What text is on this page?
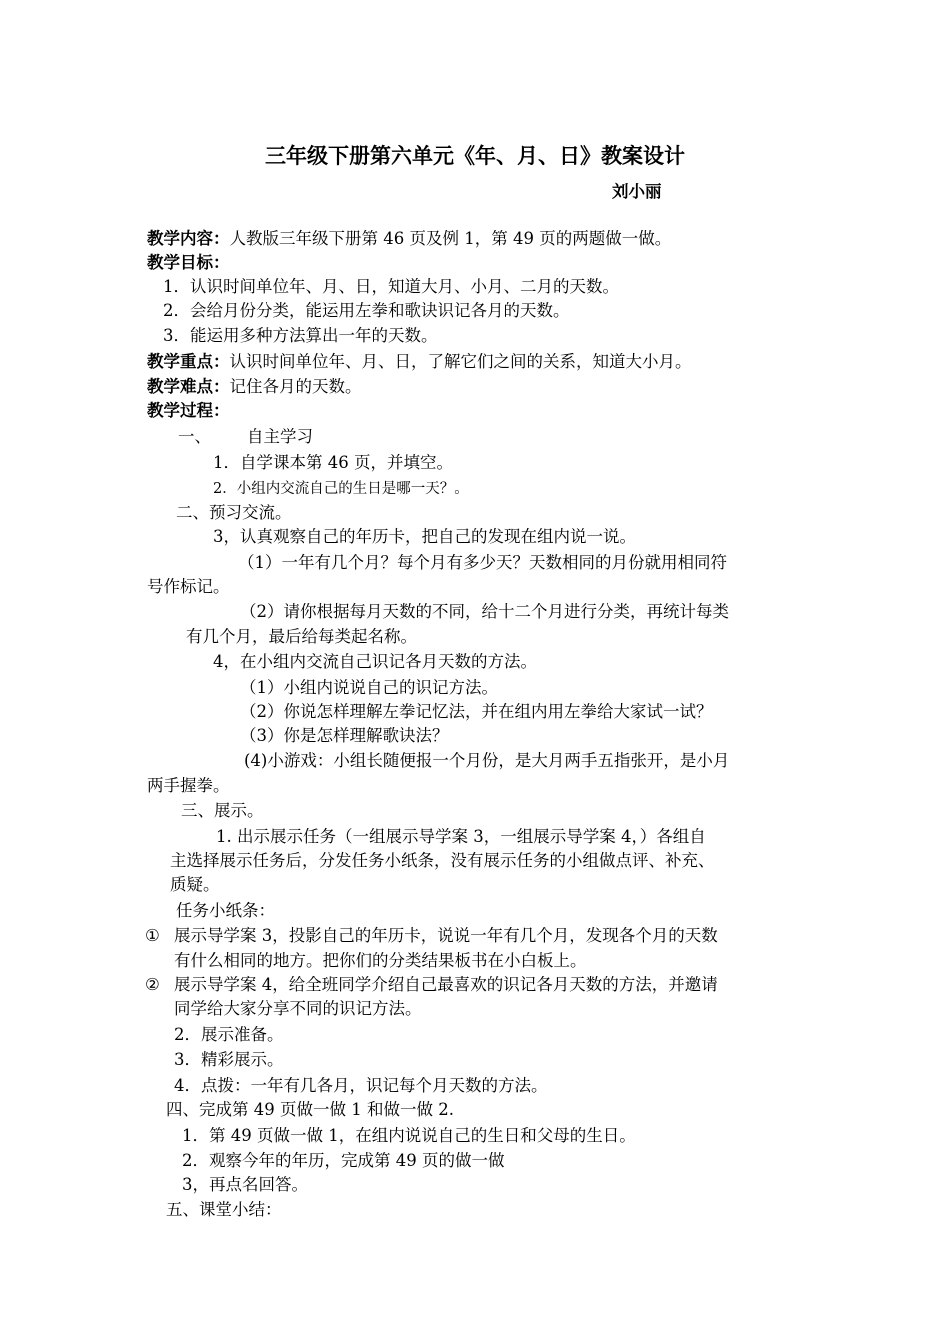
三年级下册第六单元《年、月、日》教案设计
刘小丽
教学内容：人教版三年级下册第 46 页及例 1，第 49 页的两题做一做。
教学目标：
1．认识时间单位年、月、日，知道大月、小月、二月的天数。
2．会给月份分类，能运用左拳和歌诀识记各月的天数。
3．能运用多种方法算出一年的天数。
教学重点：认识时间单位年、月、日，了解它们之间的关系，知道大小月。
教学难点：记住各月的天数。
教学过程：
一、 自主学习
1．自学课本第 46 页，并填空。
2．小组内交流自己的生日是哪一天？。
二、预习交流。
3，认真观察自己的年历卡，把自己的发现在组内说一说。
（1）一年有几个月？每个月有多少天？天数相同的月份就用相同符
号作标记。
（2）请你根据每月天数的不同，给十二个月进行分类，再统计每类
有几个月，最后给每类起名称。
4，在小组内交流自己识记各月天数的方法。
（1）小组内说说自己的识记方法。
（2）你说怎样理解左拳记忆法，并在组内用左拳给大家试一试？
（3）你是怎样理解歌诀法？
(4)小游戏：小组长随便报一个月份，是大月两手五指张开，是小月
两手握拳。
三、展示。
1. 出示展示任务（一组展示导学案 3，一组展示导学案 4，）各组自
主选择展示任务后，分发任务小纸条，没有展示任务的小组做点评、补充、
质疑。
任务小纸条：
① 展示导学案 3，投影自己的年历卡，说说一年有几个月，发现各个月的天数
有什么相同的地方。把你们的分类结果板书在小白板上。
② 展示导学案 4，给全班同学介绍自己最喜欢的识记各月天数的方法，并邀请
同学给大家分享不同的识记方法。
2．展示准备。
3．精彩展示。
4．点拨：一年有几各月，识记每个月天数的方法。
四、完成第 49 页做一做 1 和做一做 2.
1．第 49 页做一做 1，在组内说说自己的生日和父母的生日。
2．观察今年的年历，完成第 49 页的做一做
3，再点名回答。
五、课堂小结：
